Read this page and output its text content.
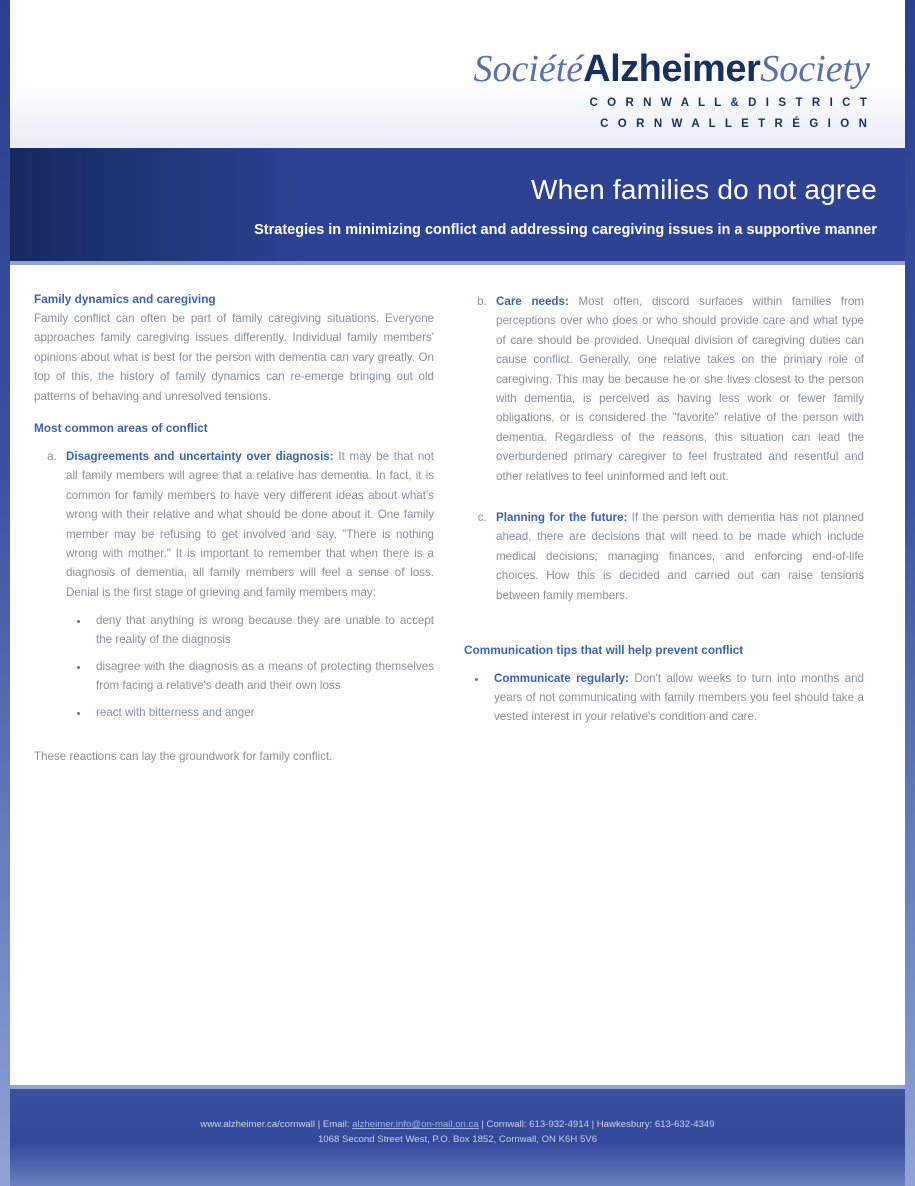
SociétéAlzheimerSociety
C O R N W A L L & D I S T R I C T
C O R N W A L L E T R É G I O N
When families do not agree
Strategies in minimizing conflict and addressing caregiving issues in a supportive manner
Family dynamics and caregiving

Family conflict can often be part of family caregiving situations. Everyone approaches family caregiving issues differently. Individual family members' opinions about what is best for the person with dementia can vary greatly. On top of this, the history of family dynamics can re-emerge bringing out old patterns of behaving and unresolved tensions.

Most common areas of conflict

a. Disagreements and uncertainty over diagnosis: It may be that not all family members will agree that a relative has dementia. In fact, it is common for family members to have very different ideas about what's wrong with their relative and what should be done about it. One family member may be refusing to get involved and say, "There is nothing wrong with mother." It is important to remember that when there is a diagnosis of dementia, all family members will feel a sense of loss. Denial is the first stage of grieving and family members may:

• deny that anything is wrong because they are unable to accept the reality of the diagnosis
• disagree with the diagnosis as a means of protecting themselves from facing a relative's death and their own loss
• react with bitterness and anger

These reactions can lay the groundwork for family conflict.

b. Care needs: Most often, discord surfaces within families from perceptions over who does or who should provide care and what type of care should be provided. Unequal division of caregiving duties can cause conflict. Generally, one relative takes on the primary role of caregiving. This may be because he or she lives closest to the person with dementia, is perceived as having less work or fewer family obligations, or is considered the "favorite" relative of the person with dementia. Regardless of the reasons, this situation can lead the overburdened primary caregiver to feel frustrated and resentful and other relatives to feel uninformed and left out.

c. Planning for the future: If the person with dementia has not planned ahead, there are decisions that will need to be made which include medical decisions, managing finances, and enforcing end-of-life choices. How this is decided and carried out can raise tensions between family members.

Communication tips that will help prevent conflict
• Communicate regularly: Don't allow weeks to turn into months and years of not communicating with family members you feel should take a vested interest in your relative's condition and care.
www.alzheimer.ca/cornwall | Email: alzheimer.info@on-mail.on.ca | Cornwall: 613-932-4914 | Hawkesbury: 613-632-4349
1068 Second Street West, P.O. Box 1852, Cornwall, ON K6H 5V6
